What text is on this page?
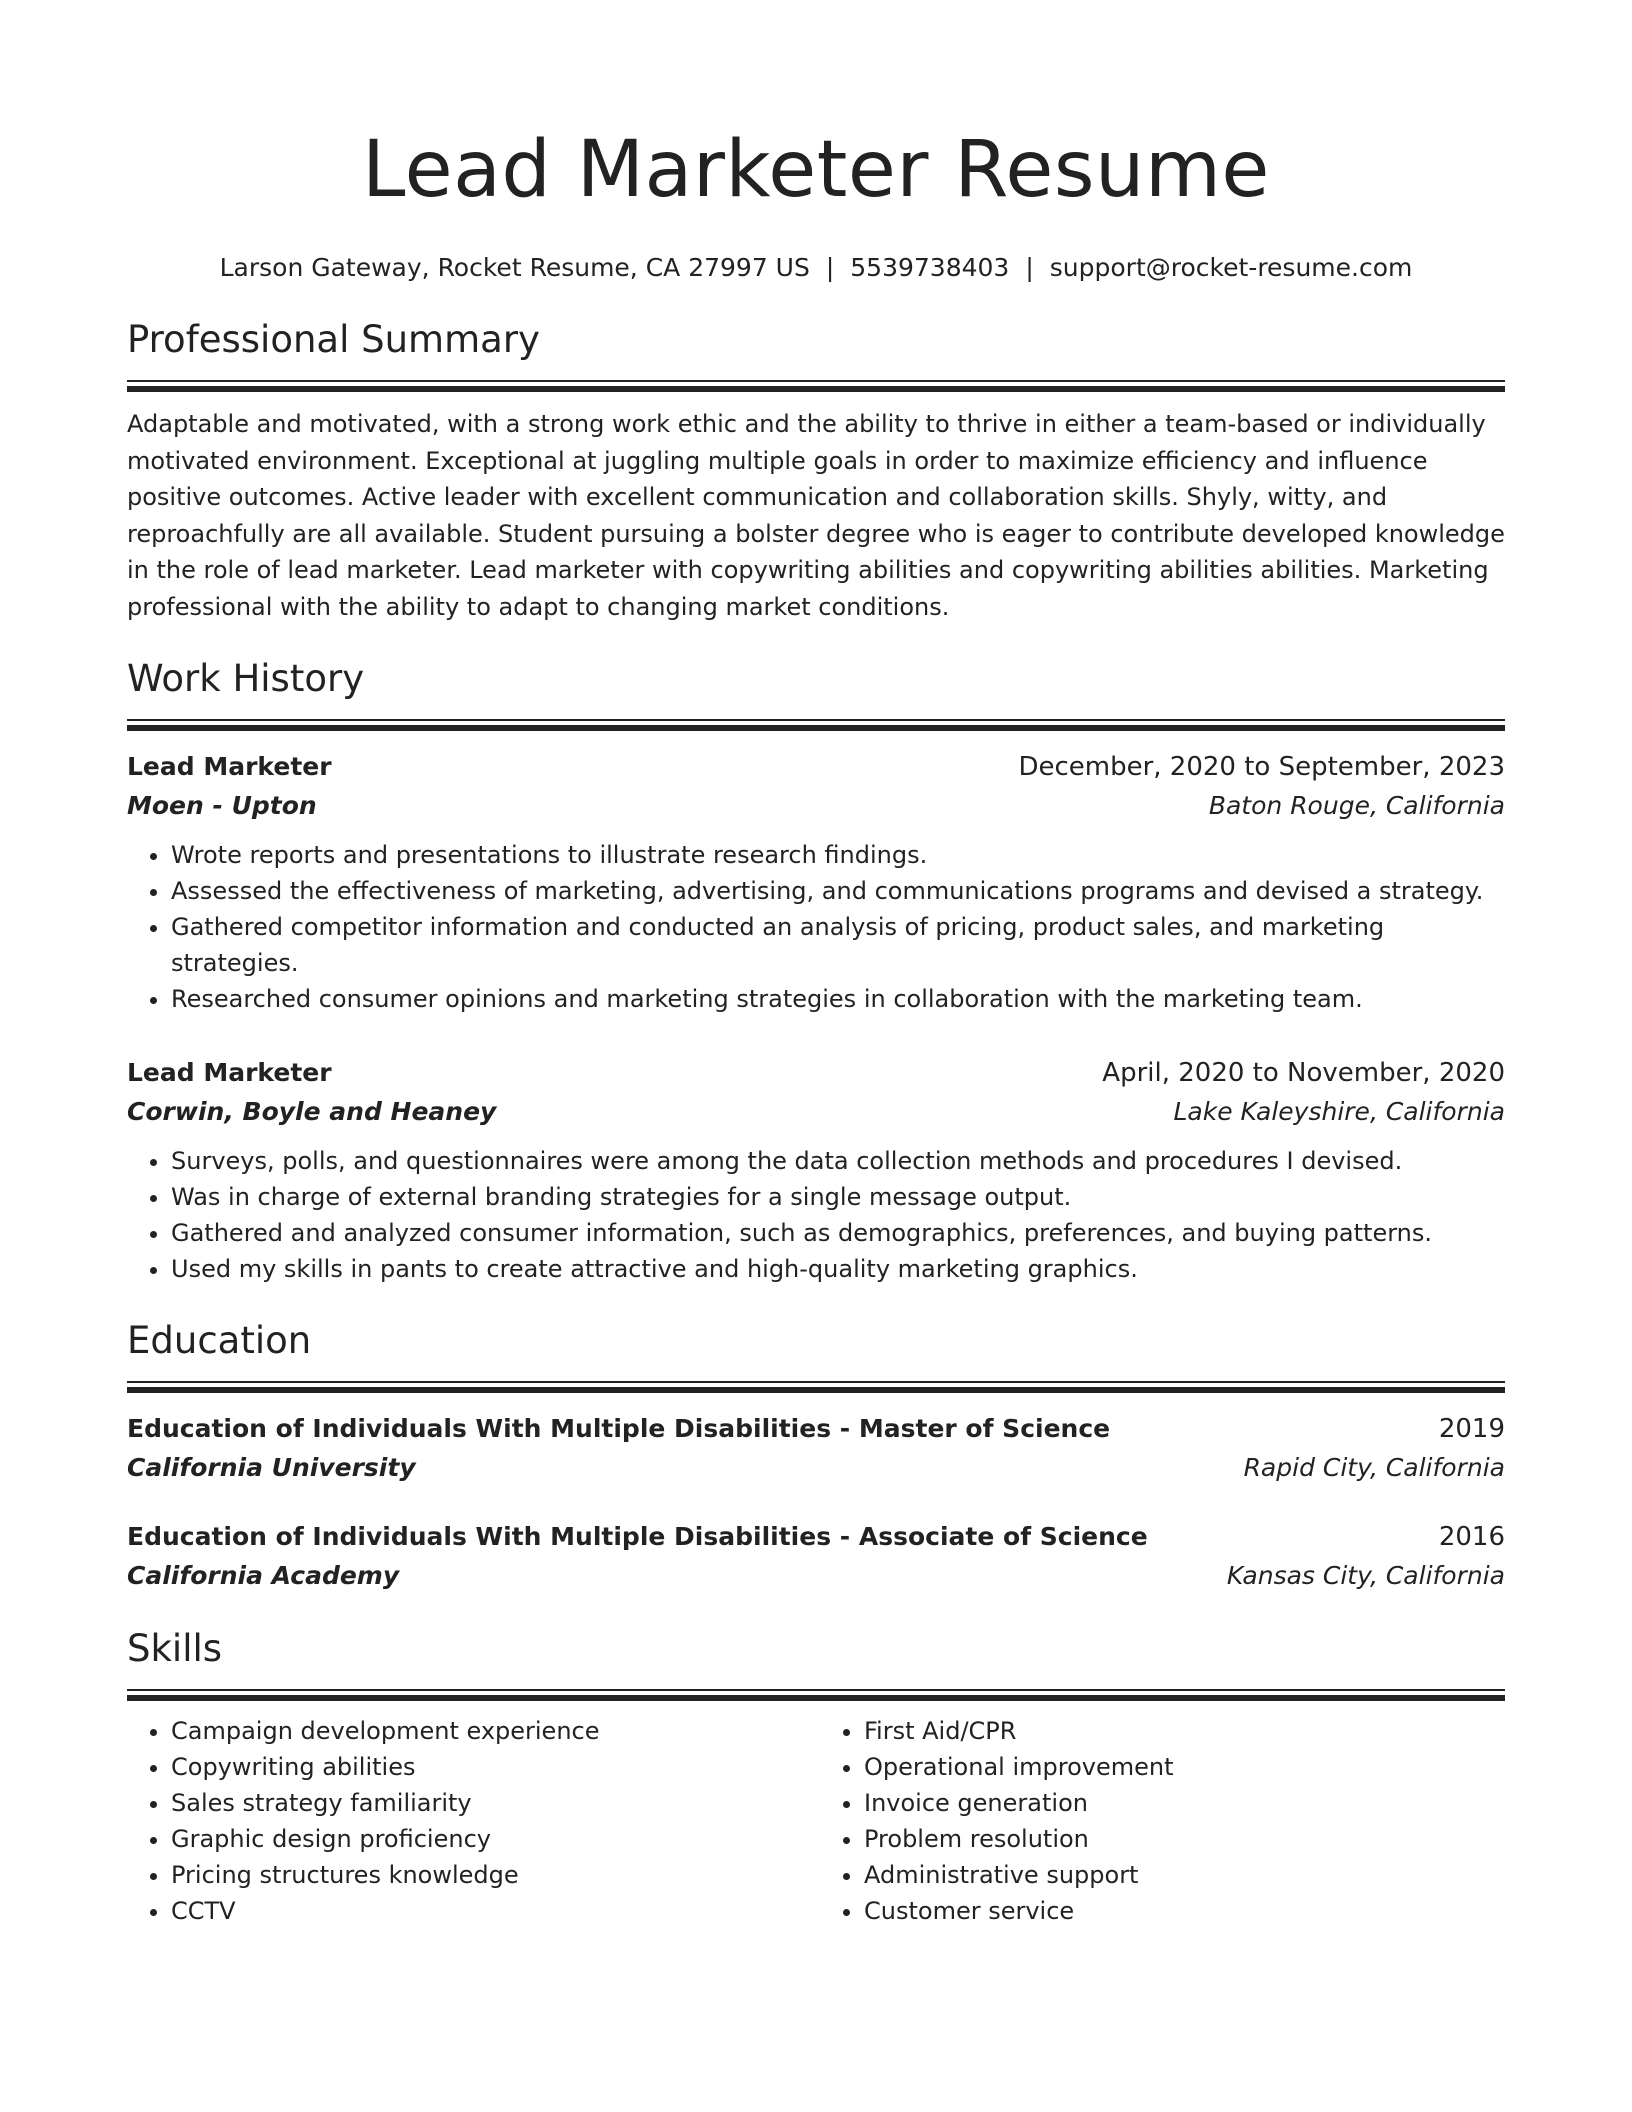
Lead Marketer Resume
Larson Gateway, Rocket Resume, CA 27997 US | 5539738403 | support@rocket-resume.com
Professional Summary
Adaptable and motivated, with a strong work ethic and the ability to thrive in either a team-based or individually motivated environment. Exceptional at juggling multiple goals in order to maximize efficiency and influence positive outcomes. Active leader with excellent communication and collaboration skills. Shyly, witty, and reproachfully are all available. Student pursuing a bolster degree who is eager to contribute developed knowledge in the role of lead marketer. Lead marketer with copywriting abilities and copywriting abilities abilities. Marketing professional with the ability to adapt to changing market conditions.
Work History
Lead Marketer	December, 2020 to September, 2023
Moen - Upton	Baton Rouge, California
• Wrote reports and presentations to illustrate research findings.
• Assessed the effectiveness of marketing, advertising, and communications programs and devised a strategy.
• Gathered competitor information and conducted an analysis of pricing, product sales, and marketing strategies.
• Researched consumer opinions and marketing strategies in collaboration with the marketing team.
Lead Marketer	April, 2020 to November, 2020
Corwin, Boyle and Heaney	Lake Kaleyshire, California
• Surveys, polls, and questionnaires were among the data collection methods and procedures I devised.
• Was in charge of external branding strategies for a single message output.
• Gathered and analyzed consumer information, such as demographics, preferences, and buying patterns.
• Used my skills in pants to create attractive and high-quality marketing graphics.
Education
Education of Individuals With Multiple Disabilities - Master of Science	2019
California University	Rapid City, California
Education of Individuals With Multiple Disabilities - Associate of Science	2016
California Academy	Kansas City, California
Skills
• Campaign development experience
• Copywriting abilities
• Sales strategy familiarity
• Graphic design proficiency
• Pricing structures knowledge
• CCTV
• First Aid/CPR
• Operational improvement
• Invoice generation
• Problem resolution
• Administrative support
• Customer service
